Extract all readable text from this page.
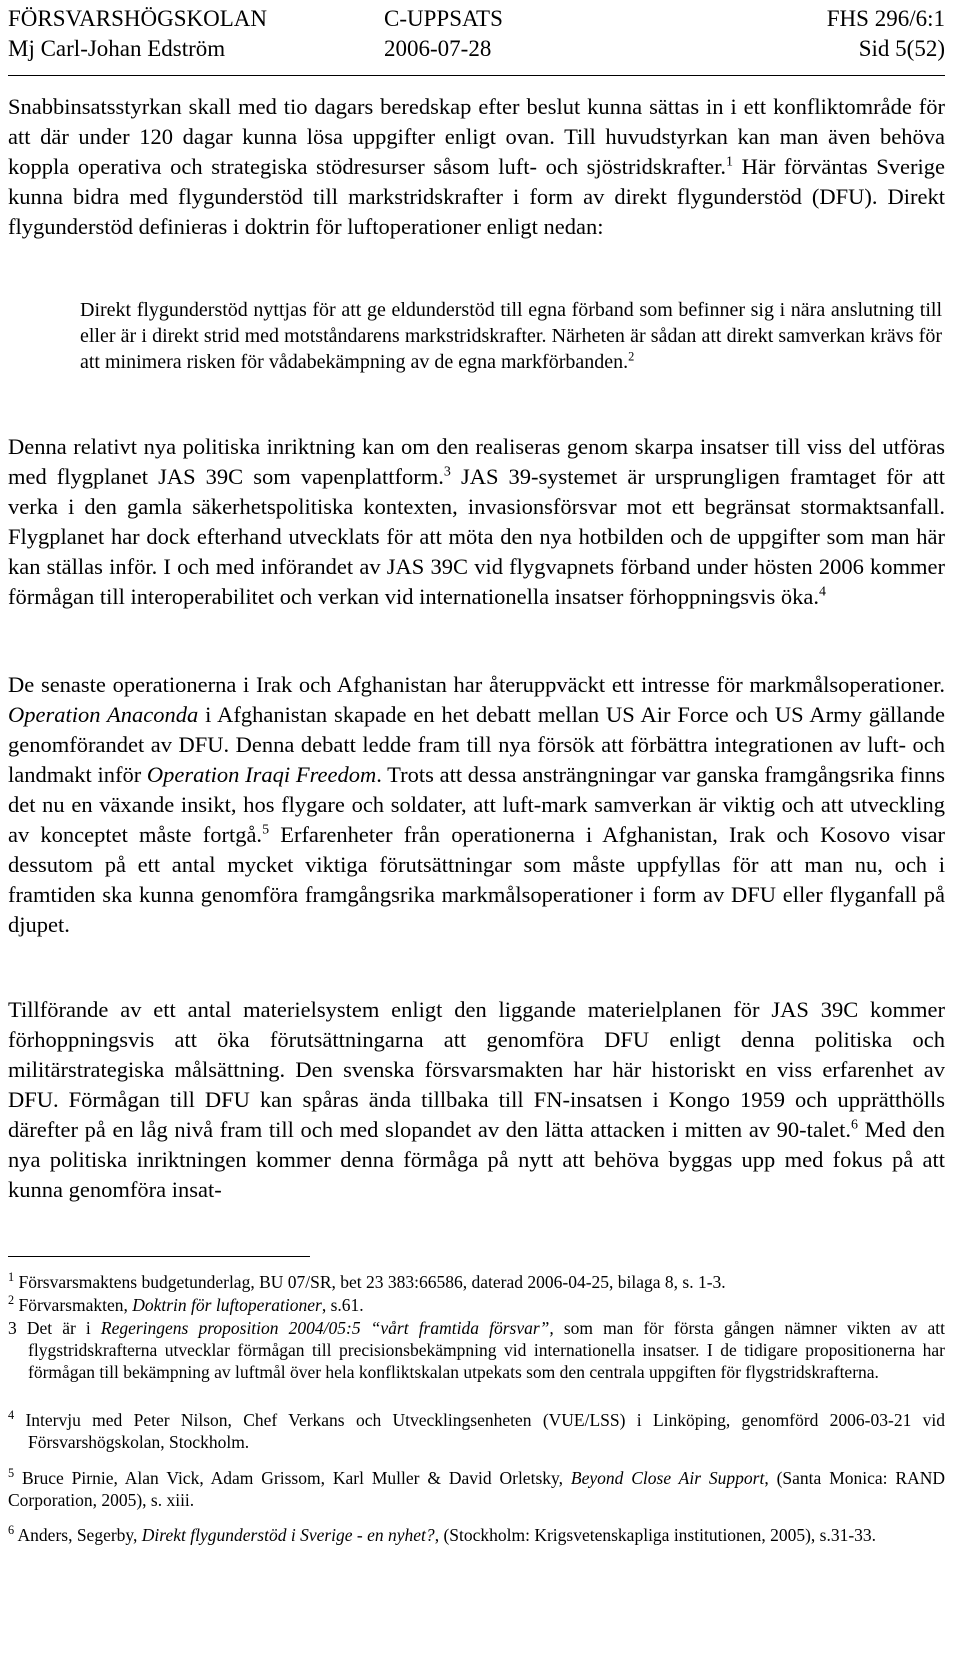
FÖRSVARSHÖGSKOLAN	C-UPPSATS	FHS 296/6:1
Mj Carl-Johan Edström	2006-07-28	Sid 5(52)

Snabbinsatsstyrkan skall med tio dagars beredskap efter beslut kunna sättas in i ett konfliktområde för att där under 120 dagar kunna lösa uppgifter enligt ovan. Till huvudstyrkan kan man även behöva koppla operativa och strategiska stödresurser såsom luft- och sjöstridskrafter.$^1$ Här förväntas Sverige kunna bidra med flygunderstöd till markstridskrafter i form av direkt flygunderstöd (DFU). Direkt flygunderstöd definieras i doktrin för luftoperationer enligt nedan:

Direkt flygunderstöd nyttjas för att ge eldunderstöd till egna förband som befinner sig i nära anslutning till eller är i direkt strid med motståndarens markstridskrafter. Närheten är sådan att direkt samverkan krävs för att minimera risken för vådabekämpning av de egna markförbanden.$^2$

Denna relativt nya politiska inriktning kan om den realiseras genom skarpa insatser till viss del utföras med flygplanet JAS 39C som vapenplattform.$^3$ JAS 39-systemet är ursprungligen framtaget för att verka i den gamla säkerhetspolitiska kontexten, invasionsförsvar mot ett begränsat stormaktsanfall. Flygplanet har dock efterhand utvecklats för att möta den nya hotbilden och de uppgifter som man här kan ställas inför. I och med införandet av JAS 39C vid flygvapnets förband under hösten 2006 kommer förmågan till interoperabilitet och verkan vid internationella insatser förhoppningsvis öka.$^4$

De senaste operationerna i Irak och Afghanistan har återuppväckt ett intresse för markmålsoperationer. Operation Anaconda i Afghanistan skapade en het debatt mellan US Air Force och US Army gällande genomförandet av DFU. Denna debatt ledde fram till nya försök att förbättra integrationen av luft- och landmakt inför Operation Iraqi Freedom. Trots att dessa ansträngningar var ganska framgångsrika finns det nu en växande insikt, hos flygare och soldater, att luft-mark samverkan är viktig och att utveckling av konceptet måste fortgå.$^5$ Erfarenheter från operationerna i Afghanistan, Irak och Kosovo visar dessutom på ett antal mycket viktiga förutsättningar som måste uppfyllas för att man nu, och i framtiden ska kunna genomföra framgångsrika markmålsoperationer i form av DFU eller flyganfall på djupet.

Tillförande av ett antal materielsystem enligt den liggande materielplanen för JAS 39C kommer förhoppningsvis att öka förutsättningarna att genomföra DFU enligt denna politiska och militärstrategiska målsättning. Den svenska försvarsmakten har här historiskt en viss erfarenhet av DFU. Förmågan till DFU kan spåras ända tillbaka till FN-insatsen i Kongo 1959 och upprätthölls därefter på en låg nivå fram till och med slopandet av den lätta attacken i mitten av 90-talet.$^6$ Med den nya politiska inriktningen kommer denna förmåga på nytt att behöva byggas upp med fokus på att kunna genomföra insat-

$^1$ Försvarsmaktens budgetunderlag, BU 07/SR, bet 23 383:66586, daterad 2006-04-25, bilaga 8, s. 1-3.

$^2$ Förvarsmakten, Doktrin för luftoperationer, s.61.

3 Det är i Regeringens proposition 2004/05:5 “vårt framtida försvar”, som man för första gången nämner vikten av att flygstridskrafterna utvecklar förmågan till precisionsbekämpning vid internationella insatser. I de tidigare propositionerna har förmågan till bekämpning av luftmål över hela konfliktskalan utpekats som den centrala uppgiften för flygstridskrafterna.

$^4$ Intervju med Peter Nilson, Chef Verkans och Utvecklingsenheten (VUE/LSS) i Linköping, genomförd 2006-03-21 vid Försvarshögskolan, Stockholm.

$^5$ Bruce Pirnie, Alan Vick, Adam Grissom, Karl Muller & David Orletsky, Beyond Close Air Support, (Santa Monica: RAND Corporation, 2005), s. xiii.

$^6$ Anders, Segerby, Direkt flygunderstöd i Sverige - en nyhet?, (Stockholm: Krigsvetenskapliga institutionen, 2005), s.31-33.
